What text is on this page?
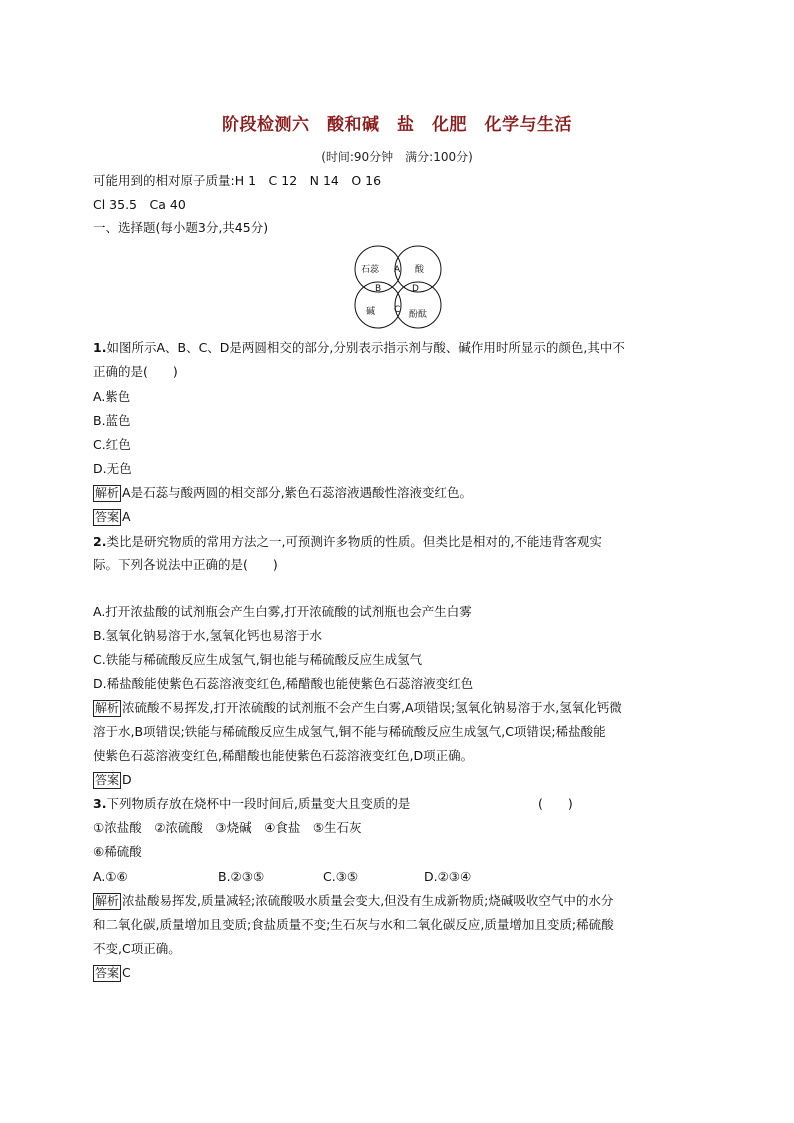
阶段检测六　酸和碱　盐　化肥　化学与生活
(时间:90分钟　满分:100分)
可能用到的相对原子质量:H 1　C 12　N 14　O 16
Cl 35.5　Ca 40
一、选择题(每小题3分,共45分)
石蕊	酸
碱	酚酞
A
B
C
D
1.如图所示A、B、C、D是两圆相交的部分,分别表示指示剂与酸、碱作用时所显示的颜色,其中不
正确的是(　　)
A.紫色
B.蓝色
C.红色
D.无色
解析 A是石蕊与酸两圆的相交部分,紫色石蕊溶液遇酸性溶液变红色。
答案 A
2.类比是研究物质的常用方法之一,可预测许多物质的性质。但类比是相对的,不能违背客观实
际。下列各说法中正确的是(　　)
A.打开浓盐酸的试剂瓶会产生白雾,打开浓硫酸的试剂瓶也会产生白雾
B.氢氧化钠易溶于水,氢氧化钙也易溶于水
C.铁能与稀硫酸反应生成氢气,铜也能与稀硫酸反应生成氢气
D.稀盐酸能使紫色石蕊溶液变红色,稀醋酸也能使紫色石蕊溶液变红色
解析 浓硫酸不易挥发,打开浓硫酸的试剂瓶不会产生白雾,A项错误;氢氧化钠易溶于水,氢氧化钙微
溶于水,B项错误;铁能与稀硫酸反应生成氢气,铜不能与稀硫酸反应生成氢气,C项错误;稀盐酸能
使紫色石蕊溶液变红色,稀醋酸也能使紫色石蕊溶液变红色,D项正确。
答案 D
3.下列物质存放在烧杯中一段时间后,质量变大且变质的是	(　　)
①浓盐酸　②浓硫酸　③烧碱　④食盐　⑤生石灰
⑥稀硫酸
A.①⑥	B.②③⑤	C.③⑤	D.②③④
解析 浓盐酸易挥发,质量减轻;浓硫酸吸水质量会变大,但没有生成新物质;烧碱吸收空气中的水分
和二氧化碳,质量增加且变质;食盐质量不变;生石灰与水和二氧化碳反应,质量增加且变质;稀硫酸
不变,C项正确。
答案 C
